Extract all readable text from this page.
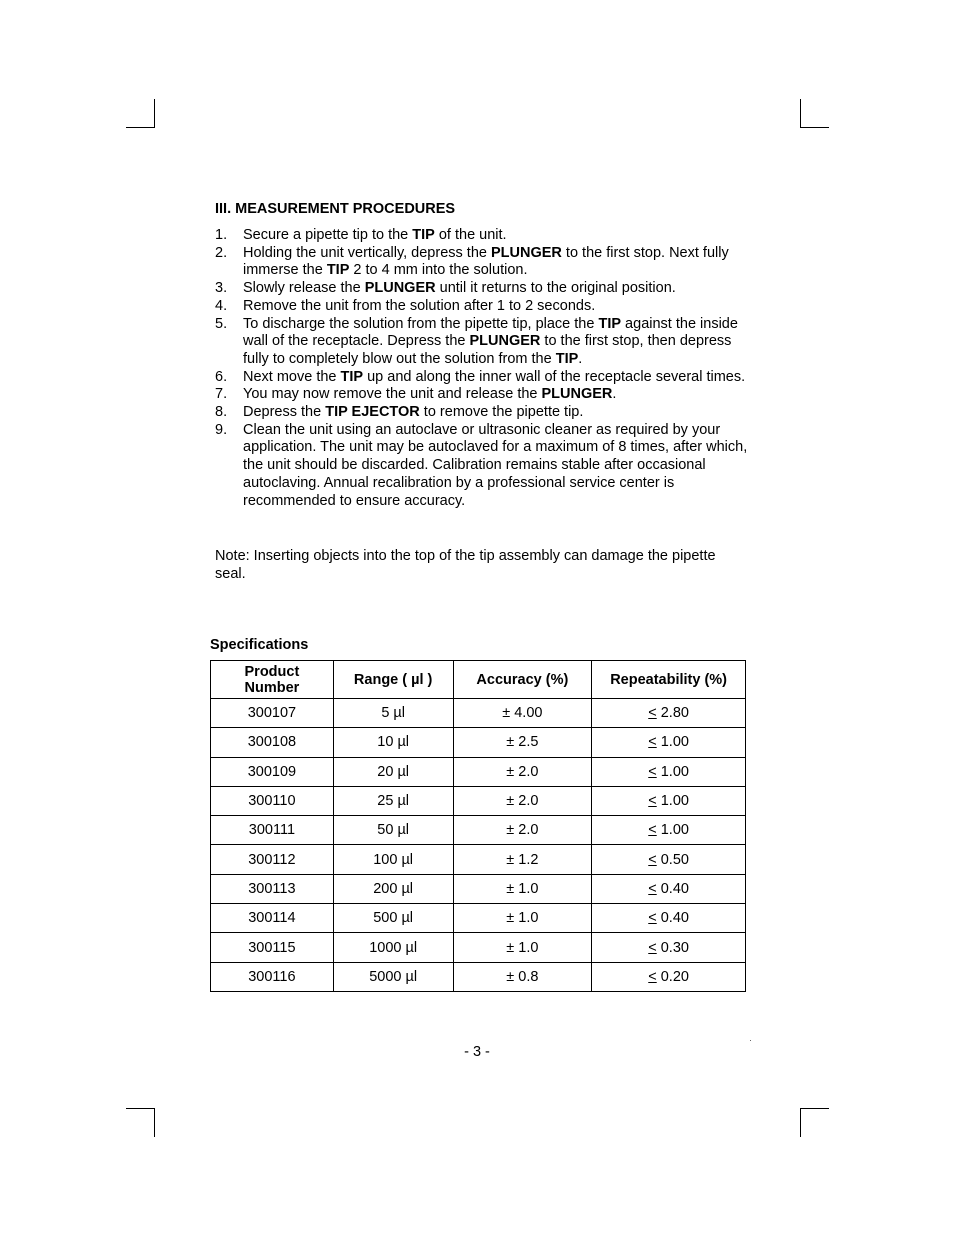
III. MEASUREMENT PROCEDURES
1. Secure a pipette tip to the TIP of the unit.
2. Holding the unit vertically, depress the PLUNGER to the first stop. Next fully immerse the TIP 2 to 4 mm into the solution.
3. Slowly release the PLUNGER until it returns to the original position.
4. Remove the unit from the solution after 1 to 2 seconds.
5. To discharge the solution from the pipette tip, place the TIP against the inside wall of the receptacle. Depress the PLUNGER to the first stop, then depress fully to completely blow out the solution from the TIP.
6. Next move the TIP up and along the inner wall of the receptacle several times.
7. You may now remove the unit and release the PLUNGER.
8. Depress the TIP EJECTOR to remove the pipette tip.
9. Clean the unit using an autoclave or ultrasonic cleaner as required by your application. The unit may be autoclaved for a maximum of 8 times, after which, the unit should be discarded. Calibration remains stable after occasional autoclaving. Annual recalibration by a professional service center is recommended to ensure accuracy.

Note: Inserting objects into the top of the tip assembly can damage the pipette seal.

Specifications
Product Number	Range ( µl )	Accuracy (%)	Repeatability (%)
300107	5 µl	± 4.00	≤ 2.80
300108	10 µl	± 2.5	≤ 1.00
300109	20 µl	± 2.0	≤ 1.00
300110	25 µl	± 2.0	≤ 1.00
300111	50 µl	± 2.0	≤ 1.00
300112	100 µl	± 1.2	≤ 0.50
300113	200 µl	± 1.0	≤ 0.40
300114	500 µl	± 1.0	≤ 0.40
300115	1000 µl	± 1.0	≤ 0.30
300116	5000 µl	± 0.8	≤ 0.20
- 3 -
